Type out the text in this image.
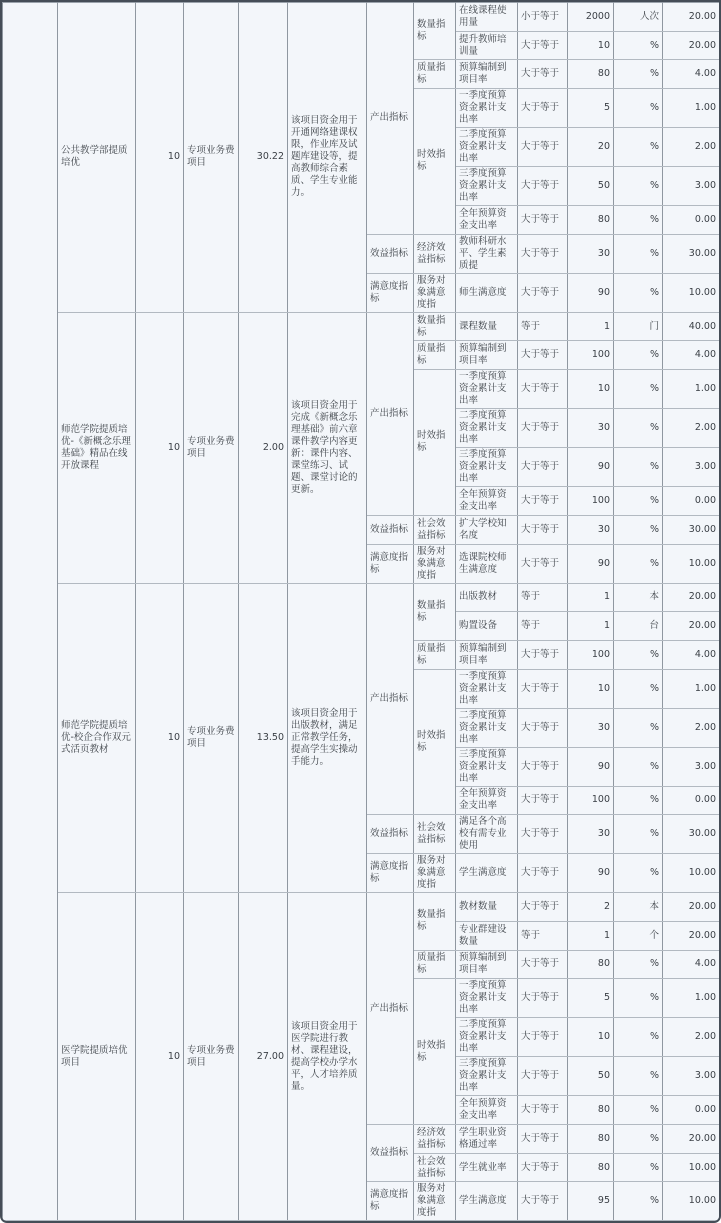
	公共教学部提质培优	10	专项业务费项目	30.22	该项目资金用于开通网络建课权限，作业库及试题库建设等，提高教师综合素质、学生专业能力。	产出指标	数量指标	在线课程使用量	小于等于	2000	人次	20.00
								提升教师培训量	大于等于	10	%	20.00
							质量指标	预算编制到项目率	大于等于	80	%	4.00
							时效指标	一季度预算资金累计支出率	大于等于	5	%	1.00
								二季度预算资金累计支出率	大于等于	20	%	2.00
								三季度预算资金累计支出率	大于等于	50	%	3.00
								全年预算资金支出率	大于等于	80	%	0.00
						效益指标	经济效益指标	教师科研水平、学生素质提	大于等于	30	%	30.00
						满意度指标	服务对象满意度指	师生满意度	大于等于	90	%	10.00
	师范学院提质培优-《新概念乐理基础》精品在线开放课程	10	专项业务费项目	2.00	该项目资金用于完成《新概念乐理基础》前六章课件教学内容更新：课件内容、课堂练习、试题、课堂讨论的更新。	产出指标	数量指标	课程数量	等于	1	门	40.00
							质量指标	预算编制到项目率	大于等于	100	%	4.00
							时效指标	一季度预算资金累计支出率	大于等于	10	%	1.00
								二季度预算资金累计支出率	大于等于	30	%	2.00
								三季度预算资金累计支出率	大于等于	90	%	3.00
								全年预算资金支出率	大于等于	100	%	0.00
						效益指标	社会效益指标	扩大学校知名度	大于等于	30	%	30.00
						满意度指标	服务对象满意度指	选课院校师生满意度	大于等于	90	%	10.00
	师范学院提质培优-校企合作双元式活页教材	10	专项业务费项目	13.50	该项目资金用于出版教材，满足正常教学任务，提高学生实操动手能力。	产出指标	数量指标	出版教材	等于	1	本	20.00
								购置设备	等于	1	台	20.00
							质量指标	预算编制到项目率	大于等于	100	%	4.00
							时效指标	一季度预算资金累计支出率	大于等于	10	%	1.00
								二季度预算资金累计支出率	大于等于	30	%	2.00
								三季度预算资金累计支出率	大于等于	90	%	3.00
								全年预算资金支出率	大于等于	100	%	0.00
						效益指标	社会效益指标	满足各个高校有需专业使用	大于等于	30	%	30.00
						满意度指标	服务对象满意度指	学生满意度	大于等于	90	%	10.00
	医学院提质培优项目	10	专项业务费项目	27.00	该项目资金用于医学院进行教材、课程建设，提高学校办学水平，人才培养质量。	产出指标	数量指标	教材数量	大于等于	2	本	20.00
								专业群建设数量	等于	1	个	20.00
							质量指标	预算编制到项目率	大于等于	80	%	4.00
							时效指标	一季度预算资金累计支出率	大于等于	5	%	1.00
								二季度预算资金累计支出率	大于等于	10	%	2.00
								三季度预算资金累计支出率	大于等于	50	%	3.00
								全年预算资金支出率	大于等于	80	%	0.00
						效益指标	经济效益指标	学生职业资格通过率	大于等于	80	%	20.00
							社会效益指标	学生就业率	大于等于	80	%	10.00
						满意度指标	服务对象满意度指	学生满意度	大于等于	95	%	10.00
